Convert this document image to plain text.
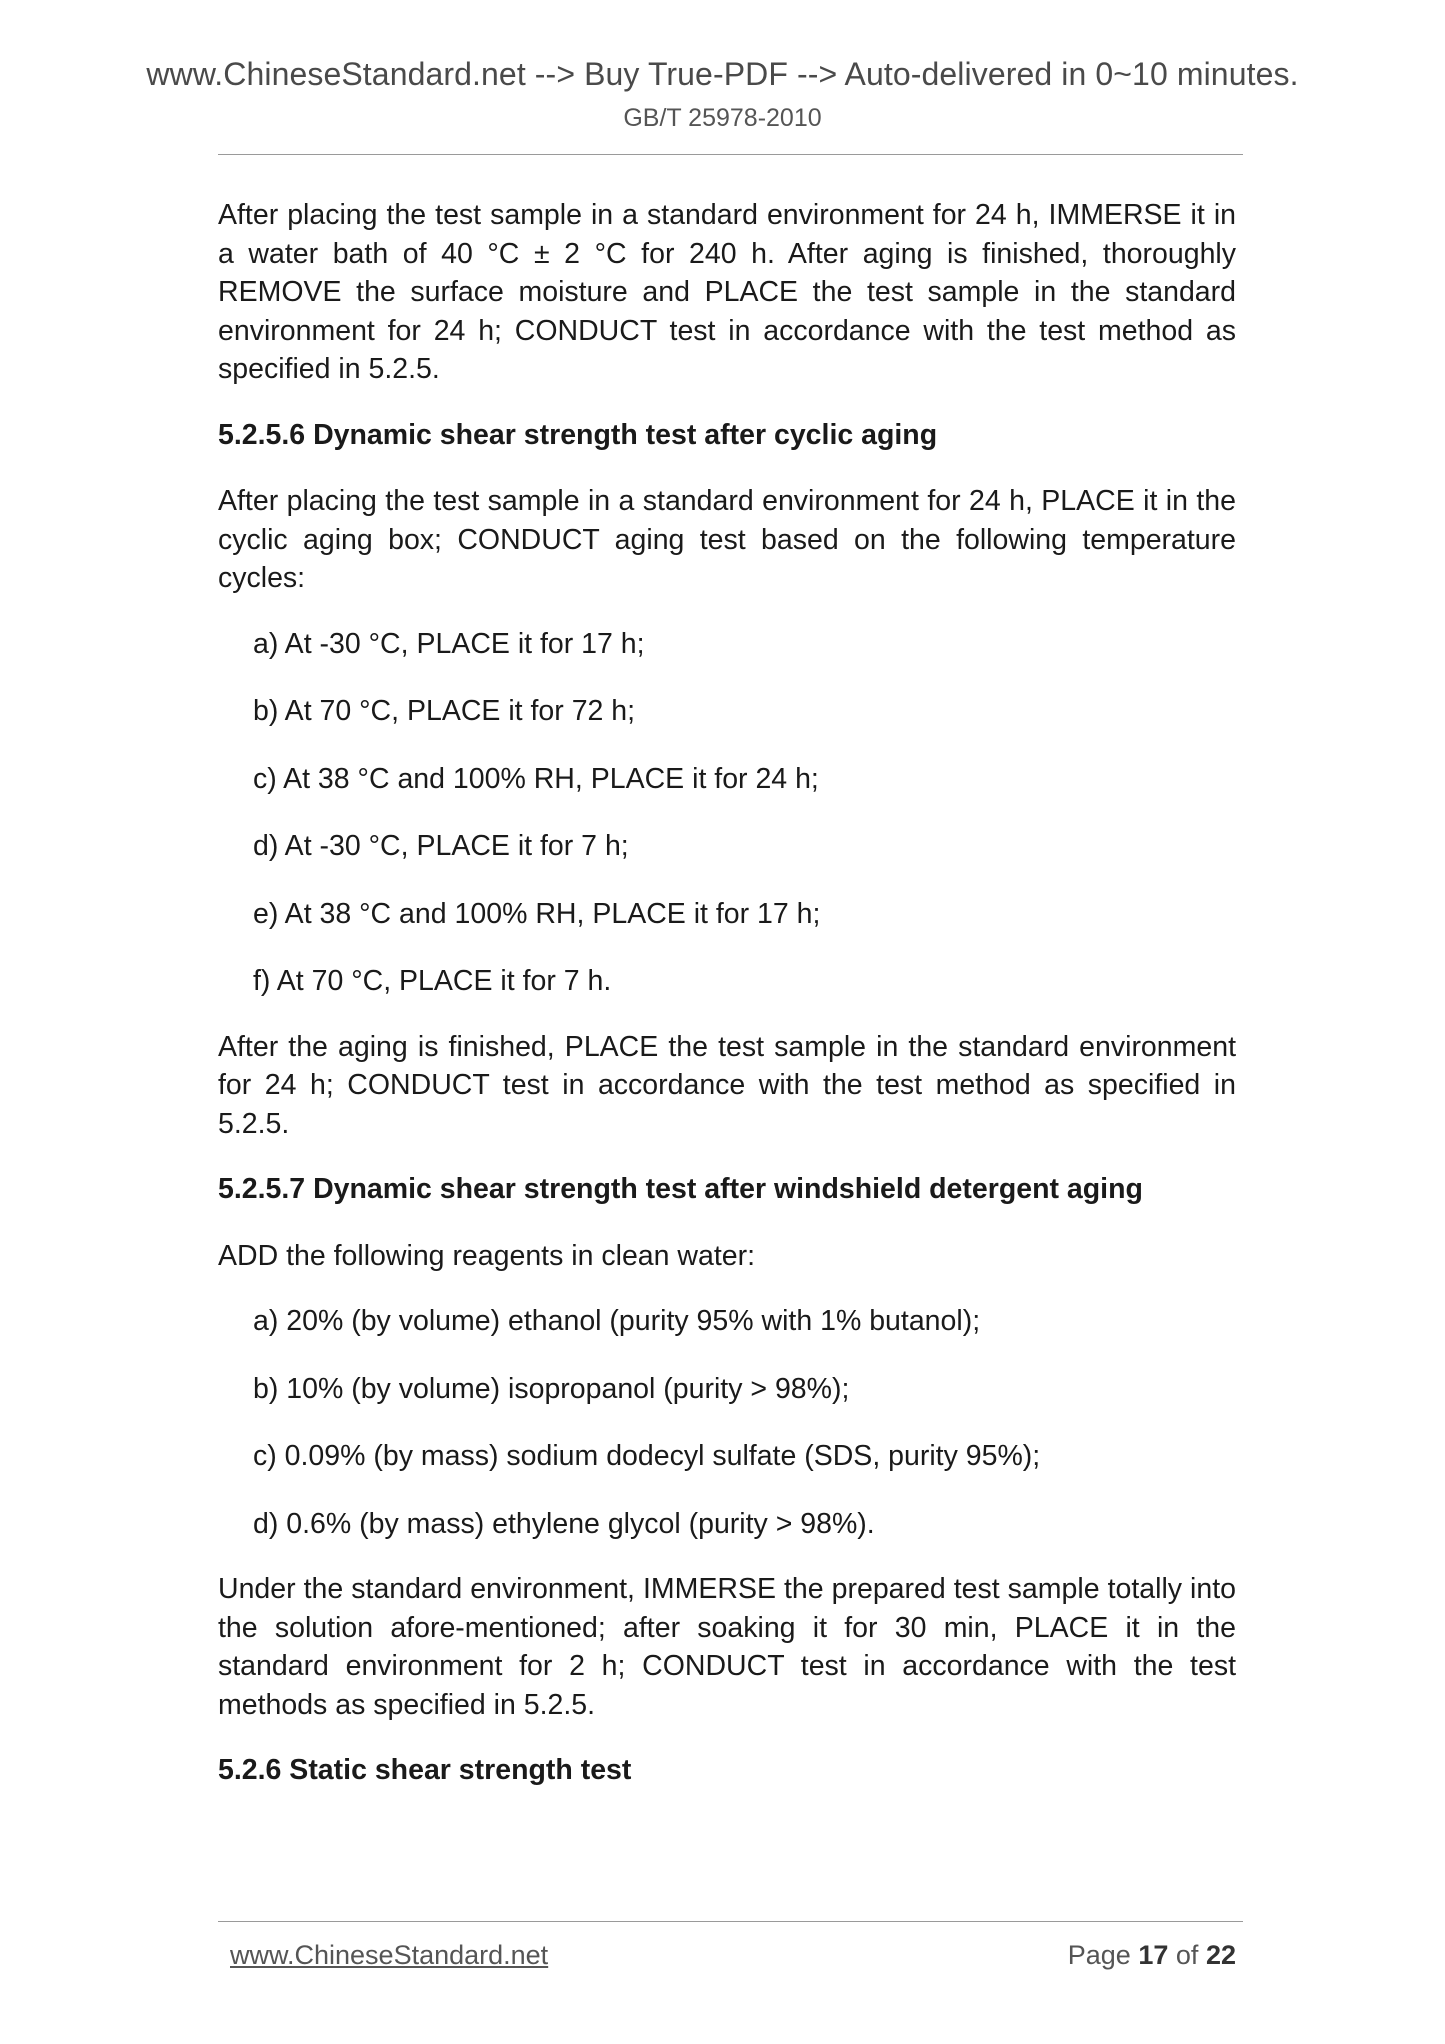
www.ChineseStandard.net --> Buy True-PDF --> Auto-delivered in 0~10 minutes.
GB/T 25978-2010

After placing the test sample in a standard environment for 24 h, IMMERSE it in a water bath of 40 °C ± 2 °C for 240 h. After aging is finished, thoroughly REMOVE the surface moisture and PLACE the test sample in the standard environment for 24 h; CONDUCT test in accordance with the test method as specified in 5.2.5.

5.2.5.6 Dynamic shear strength test after cyclic aging

After placing the test sample in a standard environment for 24 h, PLACE it in the cyclic aging box; CONDUCT aging test based on the following temperature cycles:

a) At -30 °C, PLACE it for 17 h;
b) At 70 °C, PLACE it for 72 h;
c) At 38 °C and 100% RH, PLACE it for 24 h;
d) At -30 °C, PLACE it for 7 h;
e) At 38 °C and 100% RH, PLACE it for 17 h;
f) At 70 °C, PLACE it for 7 h.

After the aging is finished, PLACE the test sample in the standard environment for 24 h; CONDUCT test in accordance with the test method as specified in 5.2.5.

5.2.5.7 Dynamic shear strength test after windshield detergent aging

ADD the following reagents in clean water:

a) 20% (by volume) ethanol (purity 95% with 1% butanol);
b) 10% (by volume) isopropanol (purity > 98%);
c) 0.09% (by mass) sodium dodecyl sulfate (SDS, purity 95%);
d) 0.6% (by mass) ethylene glycol (purity > 98%).

Under the standard environment, IMMERSE the prepared test sample totally into the solution afore-mentioned; after soaking it for 30 min, PLACE it in the standard environment for 2 h; CONDUCT test in accordance with the test methods as specified in 5.2.5.

5.2.6 Static shear strength test
www.ChineseStandard.net	Page 17 of 22
